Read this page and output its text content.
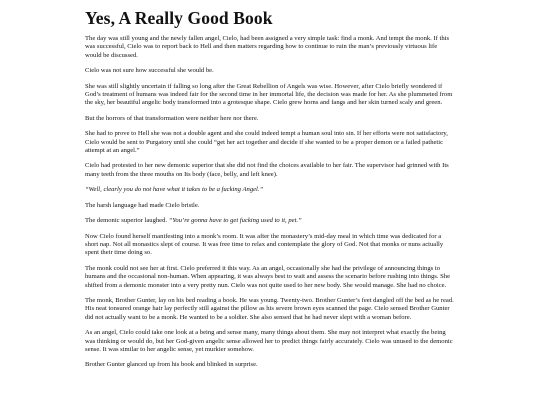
Yes, A Really Good Book

The day was still young and the newly fallen angel, Cielo, had been assigned a very simple task: find a monk. And tempt the monk. If this was successful, Cielo was to report back to Hell and then matters regarding how to continue to ruin the man’s previously virtuous life would be discussed.

Cielo was not sure how successful she would be.

She was still slightly uncertain if falling so long after the Great Rebellion of Angels was wise. However, after Cielo briefly wondered if God’s treatment of humans was indeed fair for the second time in her immortal life, the decision was made for her. As she plummeted from the sky, her beautiful angelic body transformed into a grotesque shape. Cielo grew horns and fangs and her skin turned scaly and green.

But the horrors of that transformation were neither here nor there.

She had to prove to Hell she was not a double agent and she could indeed tempt a human soul into sin. If her efforts were not satisfactory, Cielo would be sent to Purgatory until she could “get her act together and decide if she wanted to be a proper demon or a failed pathetic attempt at an angel.”

Cielo had protested to her new demonic superior that she did not find the choices available to her fair. The supervisor had grinned with Its many teeth from the three mouths on Its body (face, belly, and left knee).

“Well, clearly you do not have what it takes to be a fucking Angel.”

The harsh language had made Cielo bristle.

The demonic superior laughed. “You’re gonna have to get fucking used to it, pet.”

Now Cielo found herself manifesting into a monk’s room. It was after the monastery’s mid-day meal in which time was dedicated for a short nap. Not all monastics slept of course. It was free time to relax and contemplate the glory of God. Not that monks or nuns actually spent their time doing so.

The monk could not see her at first. Cielo preferred it this way. As an angel, occasionally she had the privilege of announcing things to humans and the occasional non-human. When appearing, it was always best to wait and assess the scenario before rushing into things. She shifted from a demonic monster into a very pretty nun. Cielo was not quite used to her new body. She would manage. She had no choice.

The monk, Brother Gunter, lay on his bed reading a book. He was young. Twenty-two. Brother Gunter’s feet dangled off the bed as he read. His neat tonsured orange hair lay perfectly still against the pillow as his severe brown eyes scanned the page. Cielo sensed Brother Gunter did not actually want to be a monk. He wanted to be a soldier. She also sensed that he had never slept with a woman before.

As an angel, Cielo could take one look at a being and sense many, many things about them. She may not interpret what exactly the being was thinking or would do, but her God-given angelic sense allowed her to predict things fairly accurately. Cielo was unused to the demonic sense. It was similar to her angelic sense, yet murkier somehow.

Brother Gunter glanced up from his book and blinked in surprise.
